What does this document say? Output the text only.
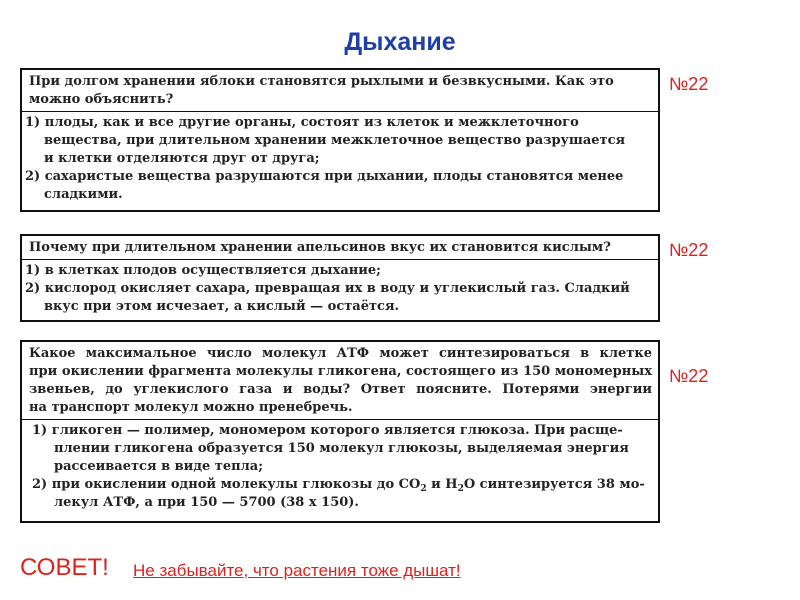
Дыхание
При долгом хранении яблоки становятся рыхлыми и безвкусными. Как это
можно объяснить?
1) плоды, как и все другие органы, состоят из клеток и межклеточного
вещества, при длительном хранении межклеточное вещество разрушается
и клетки отделяются друг от друга;
2) сахаристые вещества разрушаются при дыхании, плоды становятся менее
сладкими.
№22
Почему при длительном хранении апельсинов вкус их становится кислым?
1) в клетках плодов осуществляется дыхание;
2) кислород окисляет сахара, превращая их в воду и углекислый газ. Сладкий
вкус при этом исчезает, а кислый — остаётся.
№22
Какое максимальное число молекул АТФ может синтезироваться в клетке
при окислении фрагмента молекулы гликогена, состоящего из 150 мономерных
звеньев, до углекислого газа и воды? Ответ поясните. Потерями энергии
на транспорт молекул можно пренебречь.
1) гликоген — полимер, мономером которого является глюкоза. При расще-
плении гликогена образуется 150 молекул глюкозы, выделяемая энергия
рассеивается в виде тепла;
2) при окислении одной молекулы глюкозы до $CO_2$ и $H_2O$ синтезируется 38 мо-
лекул АТФ, а при 150 — 5700 (38 x 150).
№22
СОВЕТ! Не забывайте, что растения тоже дышат!
